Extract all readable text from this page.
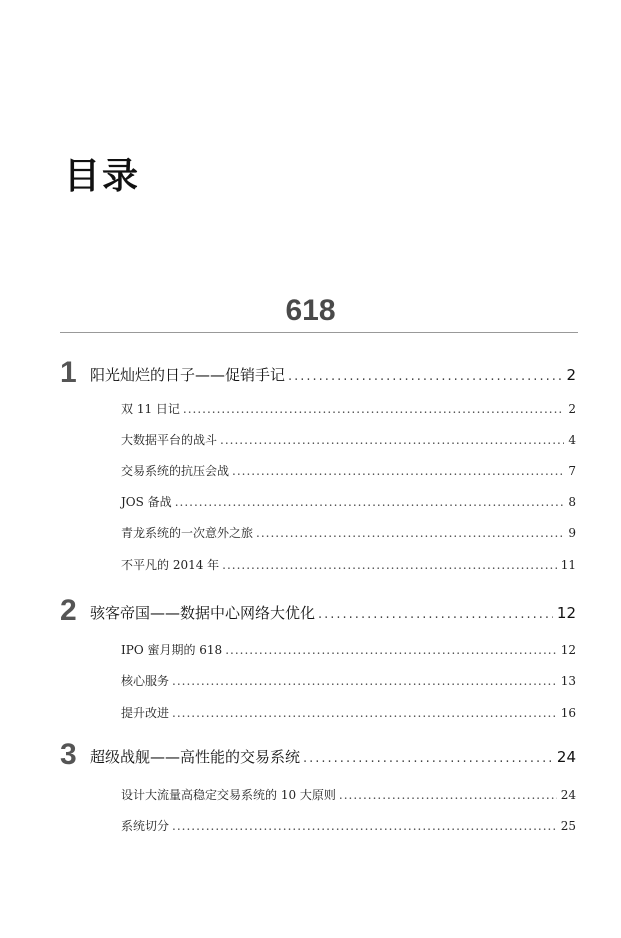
目录
618
1 阳光灿烂的日子——促销手记 .....	2
双 11 日记 .....	2
大数据平台的战斗 .....	4
交易系统的抗压会战 .....	7
JOS 备战 .....	8
青龙系统的一次意外之旅 .....	9
不平凡的 2014 年 .....	11
2 骇客帝国——数据中心网络大优化 .....	12
IPO 蜜月期的 618 .....	12
核心服务 .....	13
提升改进 .....	16
3 超级战舰——高性能的交易系统 .....	24
设计大流量高稳定交易系统的 10 大原则 .....	24
系统切分 .....	25
